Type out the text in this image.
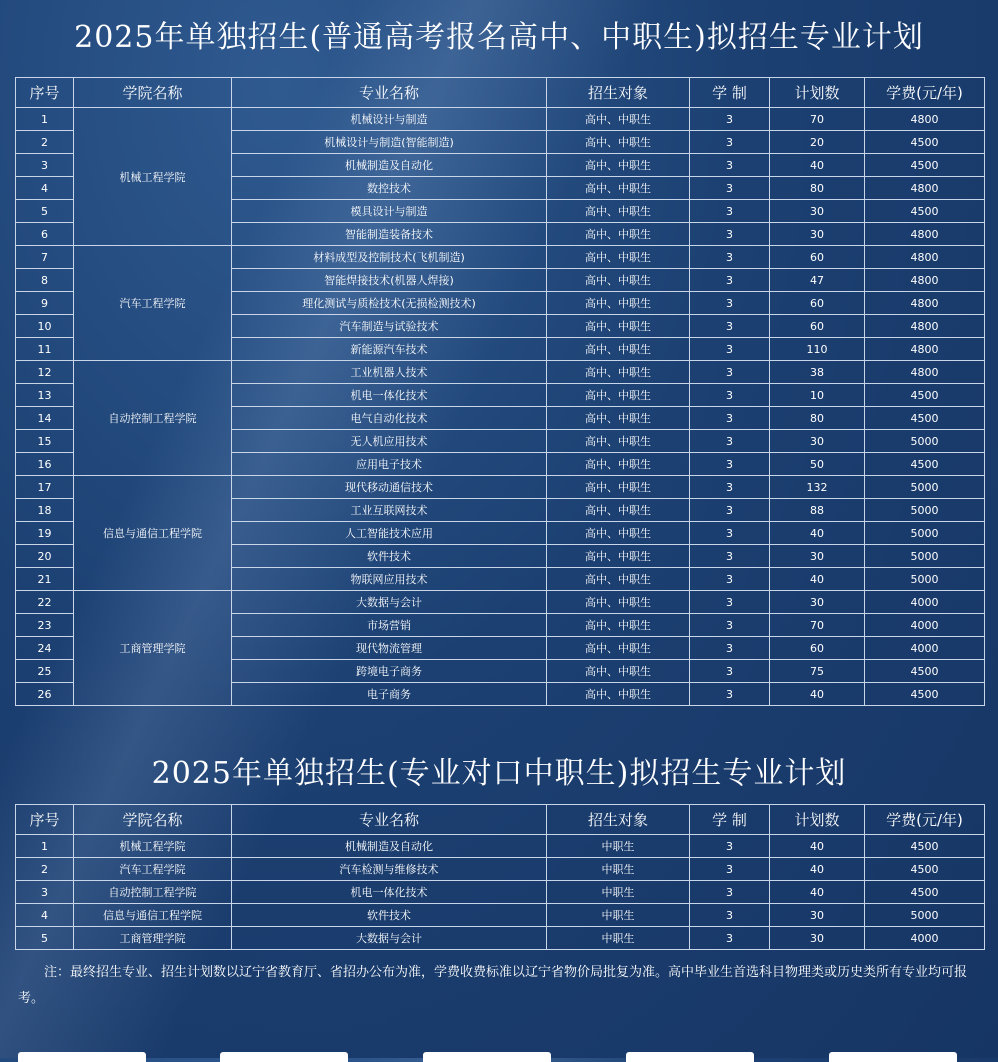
2025年单独招生(普通高考报名高中、中职生)拟招生专业计划
序号	学院名称	专业名称	招生对象	学 制	计划数	学费(元/年)
1	机械工程学院	机械设计与制造	高中、中职生	3	70	4800
2		机械设计与制造(智能制造)	高中、中职生	3	20	4500
3		机械制造及自动化	高中、中职生	3	40	4500
4		数控技术	高中、中职生	3	80	4800
5		模具设计与制造	高中、中职生	3	30	4500
6		智能制造装备技术	高中、中职生	3	30	4800
7	汽车工程学院	材料成型及控制技术(飞机制造)	高中、中职生	3	60	4800
8		智能焊接技术(机器人焊接)	高中、中职生	3	47	4800
9		理化测试与质检技术(无损检测技术)	高中、中职生	3	60	4800
10		汽车制造与试验技术	高中、中职生	3	60	4800
11		新能源汽车技术	高中、中职生	3	110	4800
12	自动控制工程学院	工业机器人技术	高中、中职生	3	38	4800
13		机电一体化技术	高中、中职生	3	10	4500
14		电气自动化技术	高中、中职生	3	80	4500
15		无人机应用技术	高中、中职生	3	30	5000
16		应用电子技术	高中、中职生	3	50	4500
17	信息与通信工程学院	现代移动通信技术	高中、中职生	3	132	5000
18		工业互联网技术	高中、中职生	3	88	5000
19		人工智能技术应用	高中、中职生	3	40	5000
20		软件技术	高中、中职生	3	30	5000
21		物联网应用技术	高中、中职生	3	40	5000
22	工商管理学院	大数据与会计	高中、中职生	3	30	4000
23		市场营销	高中、中职生	3	70	4000
24		现代物流管理	高中、中职生	3	60	4000
25		跨境电子商务	高中、中职生	3	75	4500
26		电子商务	高中、中职生	3	40	4500
2025年单独招生(专业对口中职生)拟招生专业计划
序号	学院名称	专业名称	招生对象	学 制	计划数	学费(元/年)
1	机械工程学院	机械制造及自动化	中职生	3	40	4500
2	汽车工程学院	汽车检测与维修技术	中职生	3	40	4500
3	自动控制工程学院	机电一体化技术	中职生	3	40	4500
4	信息与通信工程学院	软件技术	中职生	3	30	5000
5	工商管理学院	大数据与会计	中职生	3	30	4000
注：最终招生专业、招生计划数以辽宁省教育厅、省招办公布为准，学费收费标准以辽宁省物价局批复为准。高中毕业生首选科目物理类或历史类所有专业均可报考。
